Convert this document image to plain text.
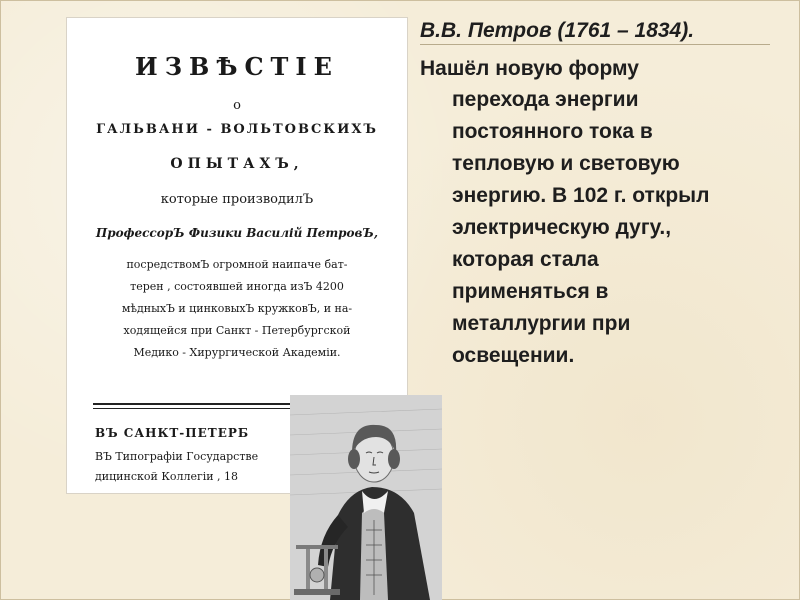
ИЗВѢСТІЕ
о
ГАЛЬВАНИ - ВОЛЬТОВСКИХЪ
ОПЫТАХЪ,
которые производилЪ
ПрофессорЪ Физики Василій ПетровЪ,
посредствомЪ огромной наипаче бат-
терен , состоявшей иногда изЪ 4200
мѣдныхЪ и цинковыхЪ кружковЪ, и на-
ходящейся при Санкт - Петербургской
Медико - Хирургической Академіи.
ВЪ САНКТ-ПЕТЕРБ
ВЪ Типографіи Государстве
дицинской Коллегіи , 18
В.В. Петров (1761 – 1834).
Нашёл новую форму
перехода энергии
постоянного тока в
тепловую и световую
энергию. В 102 г. открыл
электрическую дугу.,
которая стала
применяться в
металлургии при
освещении.
